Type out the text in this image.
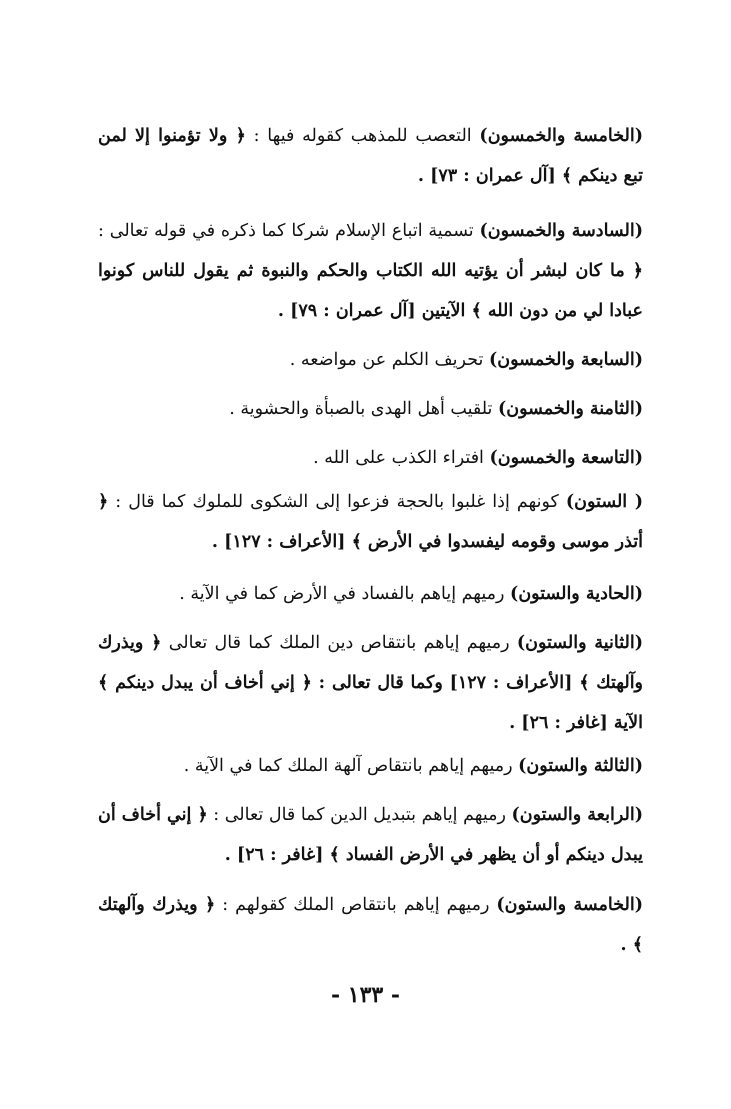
(الخامسة والخمسون) التعصب للمذهب كقوله فيها : ﴿ ولا تؤمنوا إلا لمن تبع دينكم ﴾ [آل عمران : ٧٣] .

(السادسة والخمسون) تسمية اتباع الإسلام شركا كما ذكره في قوله تعالى : ﴿ ما كان لبشر أن يؤتيه الله الكتاب والحكم والنبوة ثم يقول للناس كونوا عبادا لي من دون الله ﴾ الآيتين [آل عمران : ٧٩] .

(السابعة والخمسون) تحريف الكلم عن مواضعه .

(الثامنة والخمسون) تلقيب أهل الهدى بالصبأة والحشوية .

(التاسعة والخمسون) افتراء الكذب على الله .

( الستون) كونهم إذا غلبوا بالحجة فزعوا إلى الشكوى للملوك كما قال : ﴿ أتذر موسى وقومه ليفسدوا في الأرض ﴾ [الأعراف : ١٢٧] .

(الحادية والستون) رميهم إياهم بالفساد في الأرض كما في الآية .

(الثانية والستون) رميهم إياهم بانتقاص دين الملك كما قال تعالى ﴿ ويذرك وآلهتك ﴾ [الأعراف : ١٢٧] وكما قال تعالى : ﴿ إني أخاف أن يبدل دينكم ﴾ الآية [غافر : ٢٦] .

(الثالثة والستون) رميهم إياهم بانتقاص آلهة الملك كما في الآية .

(الرابعة والستون) رميهم إياهم بتبديل الدين كما قال تعالى : ﴿ إني أخاف أن يبدل دينكم أو أن يظهر في الأرض الفساد ﴾ [غافر : ٢٦] .

(الخامسة والستون) رميهم إياهم بانتقاص الملك كقولهم : ﴿ ويذرك وآلهتك ﴾ .

- ١٣٣ -
